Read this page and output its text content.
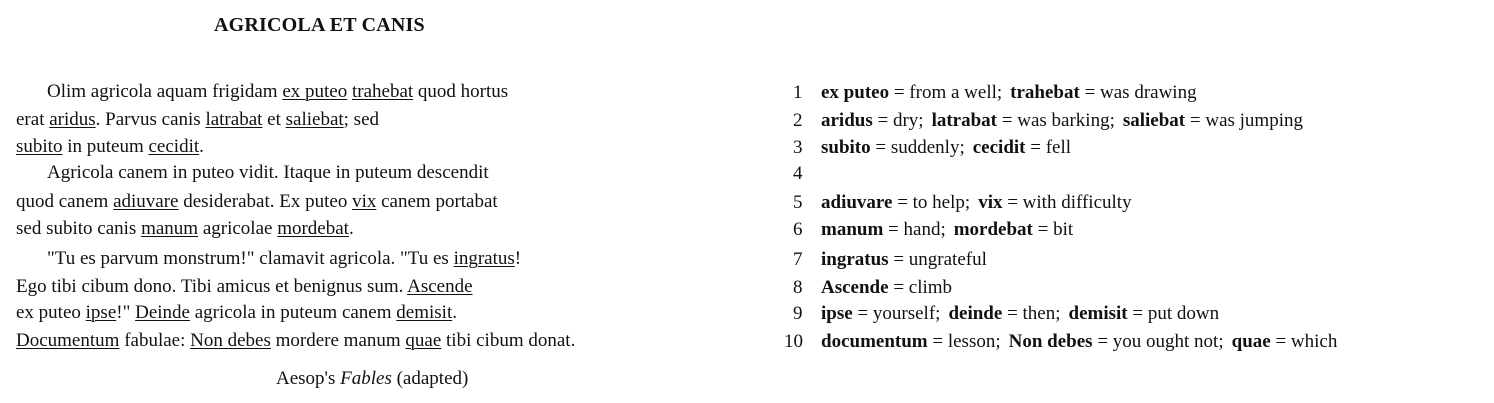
AGRICOLA ET CANIS
Olim agricola aquam frigidam ex puteo trahebat quod hortus
erat aridus. Parvus canis latrabat et saliebat; sed
subito in puteum cecidit.
Agricola canem in puteo vidit. Itaque in puteum descendit
quod canem adiuvare desiderabat. Ex puteo vix canem portabat
sed subito canis manum agricolae mordebat.
"Tu es parvum monstrum!" clamavit agricola. "Tu es ingratus!
Ego tibi cibum dono. Tibi amicus et benignus sum. Ascende
ex puteo ipse!" Deinde agricola in puteum canem demisit.
Documentum fabulae: Non debes mordere manum quae tibi cibum donat.
Aesop's Fables (adapted)
1 ex puteo = from a well; trahebat = was drawing
2 aridus = dry; latrabat = was barking; saliebat = was jumping
3 subito = suddenly; cecidit = fell
4
5 adiuvare = to help; vix = with difficulty
6 manum = hand; mordebat = bit
7 ingratus = ungrateful
8 Ascende = climb
9 ipse = yourself; deinde = then; demisit = put down
10 documentum = lesson; Non debes = you ought not; quae = which
